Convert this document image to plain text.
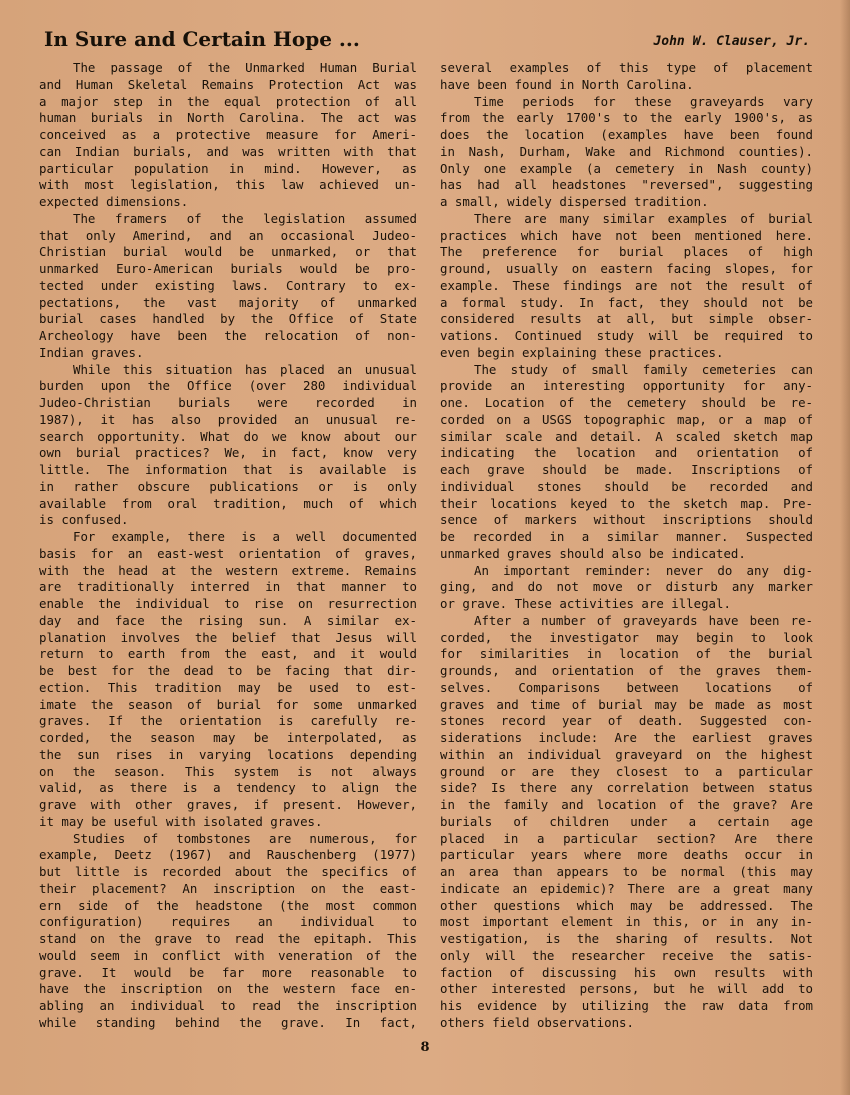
In Sure and Certain Hope ...	John W. Clauser, Jr.
The passage of the Unmarked Human Burial
and Human Skeletal Remains Protection Act was
a major step in the equal protection of all
human burials in North Carolina. The act was
conceived as a protective measure for Ameri-
can Indian burials, and was written with that
particular population in mind. However, as
with most legislation, this law achieved un-
expected dimensions.
The framers of the legislation assumed
that only Amerind, and an occasional Judeo-
Christian burial would be unmarked, or that
unmarked Euro-American burials would be pro-
tected under existing laws. Contrary to ex-
pectations, the vast majority of unmarked
burial cases handled by the Office of State
Archeology have been the relocation of non-
Indian graves.
While this situation has placed an unusual
burden upon the Office (over 280 individual
Judeo-Christian burials were recorded in
1987), it has also provided an unusual re-
search opportunity. What do we know about our
own burial practices? We, in fact, know very
little. The information that is available is
in rather obscure publications or is only
available from oral tradition, much of which
is confused.
For example, there is a well documented
basis for an east-west orientation of graves,
with the head at the western extreme. Remains
are traditionally interred in that manner to
enable the individual to rise on resurrection
day and face the rising sun. A similar ex-
planation involves the belief that Jesus will
return to earth from the east, and it would
be best for the dead to be facing that dir-
ection. This tradition may be used to est-
imate the season of burial for some unmarked
graves. If the orientation is carefully re-
corded, the season may be interpolated, as
the sun rises in varying locations depending
on the season. This system is not always
valid, as there is a tendency to align the
grave with other graves, if present. However,
it may be useful with isolated graves.
Studies of tombstones are numerous, for
example, Deetz (1967) and Rauschenberg (1977)
but little is recorded about the specifics of
their placement? An inscription on the east-
ern side of the headstone (the most common
configuration) requires an individual to
stand on the grave to read the epitaph. This
would seem in conflict with veneration of the
grave. It would be far more reasonable to
have the inscription on the western face en-
abling an individual to read the inscription
while standing behind the grave. In fact,
several examples of this type of placement
have been found in North Carolina.
Time periods for these graveyards vary
from the early 1700's to the early 1900's, as
does the location (examples have been found
in Nash, Durham, Wake and Richmond counties).
Only one example (a cemetery in Nash county)
has had all headstones "reversed", suggesting
a small, widely dispersed tradition.
There are many similar examples of burial
practices which have not been mentioned here.
The preference for burial places of high
ground, usually on eastern facing slopes, for
example. These findings are not the result of
a formal study. In fact, they should not be
considered results at all, but simple obser-
vations. Continued study will be required to
even begin explaining these practices.
The study of small family cemeteries can
provide an interesting opportunity for any-
one. Location of the cemetery should be re-
corded on a USGS topographic map, or a map of
similar scale and detail. A scaled sketch map
indicating the location and orientation of
each grave should be made. Inscriptions of
individual stones should be recorded and
their locations keyed to the sketch map. Pre-
sence of markers without inscriptions should
be recorded in a similar manner. Suspected
unmarked graves should also be indicated.
An important reminder: never do any dig-
ging, and do not move or disturb any marker
or grave. These activities are illegal.
After a number of graveyards have been re-
corded, the investigator may begin to look
for similarities in location of the burial
grounds, and orientation of the graves them-
selves. Comparisons between locations of
graves and time of burial may be made as most
stones record year of death. Suggested con-
siderations include: Are the earliest graves
within an individual graveyard on the highest
ground or are they closest to a particular
side? Is there any correlation between status
in the family and location of the grave? Are
burials of children under a certain age
placed in a particular section? Are there
particular years where more deaths occur in
an area than appears to be normal (this may
indicate an epidemic)? There are a great many
other questions which may be addressed. The
most important element in this, or in any in-
vestigation, is the sharing of results. Not
only will the researcher receive the satis-
faction of discussing his own results with
other interested persons, but he will add to
his evidence by utilizing the raw data from
others field observations.
8
